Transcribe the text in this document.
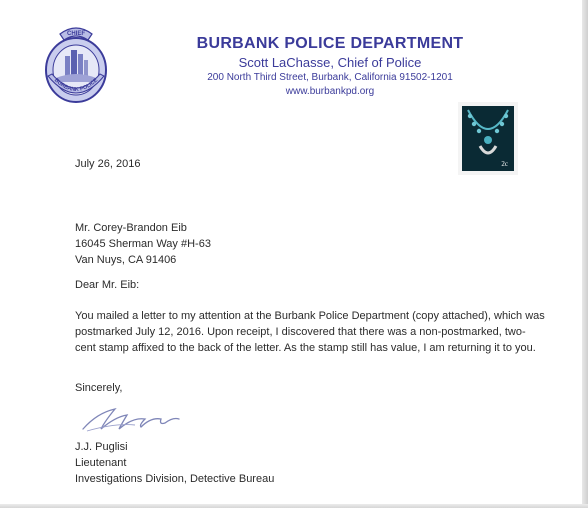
CHIEF
BURBANK POLICE
BURBANK POLICE DEPARTMENT
Scott LaChasse, Chief of Police
200 North Third Street, Burbank, California 91502-1201
www.burbankpd.org
2c
July 26, 2016
Mr. Corey-Brandon Eib
16045 Sherman Way #H-63
Van Nuys, CA 91406
Dear Mr. Eib:
You mailed a letter to my attention at the Burbank Police Department (copy attached), which was postmarked July 12, 2016. Upon receipt, I discovered that there was a non-postmarked, two-cent stamp affixed to the back of the letter. As the stamp still has value, I am returning it to you.
Sincerely,
J.J. Puglisi
Lieutenant
Investigations Division, Detective Bureau
